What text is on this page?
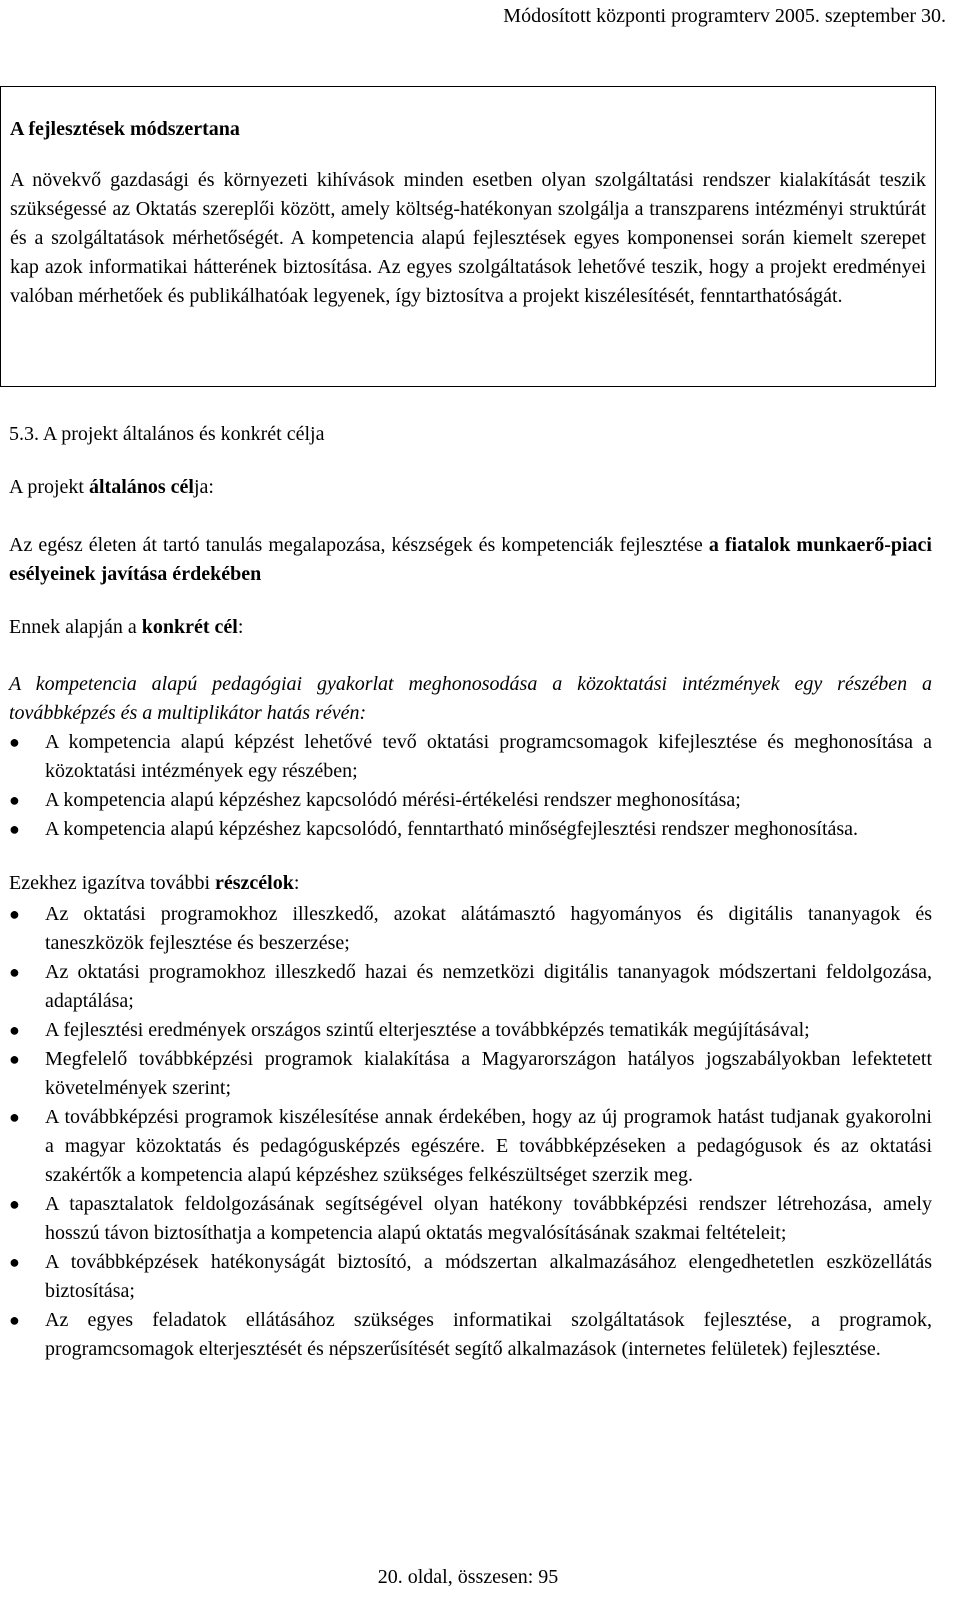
Módosított központi programterv 2005. szeptember 30.
A fejlesztések módszertana

A növekvő gazdasági és környezeti kihívások minden esetben olyan szolgáltatási rendszer kialakítását teszik szükségessé az Oktatás szereplői között, amely költség-hatékonyan szolgálja a transzparens intézményi struktúrát és a szolgáltatások mérhetőségét. A kompetencia alapú fejlesztések egyes komponensei során kiemelt szerepet kap azok informatikai hátterének biztosítása. Az egyes szolgáltatások lehetővé teszik, hogy a projekt eredményei valóban mérhetőek és publikálhatóak legyenek, így biztosítva a projekt kiszélesítését, fenntarthatóságát.

5.3. A projekt általános és konkrét célja

A projekt általános célja:

Az egész életen át tartó tanulás megalapozása, készségek és kompetenciák fejlesztése a fiatalok munkaerő-piaci esélyeinek javítása érdekében

Ennek alapján a konkrét cél:

A kompetencia alapú pedagógiai gyakorlat meghonosodása a közoktatási intézmények egy részében a továbbképzés és a multiplikátor hatás révén:

●	A kompetencia alapú képzést lehetővé tevő oktatási programcsomagok kifejlesztése és meghonosítása a közoktatási intézmények egy részében;
●	A kompetencia alapú képzéshez kapcsolódó mérési-értékelési rendszer meghonosítása;
●	A kompetencia alapú képzéshez kapcsolódó, fenntartható minőségfejlesztési rendszer meghonosítása.

Ezekhez igazítva további részcélok:

●	Az oktatási programokhoz illeszkedő, azokat alátámasztó hagyományos és digitális tananyagok és taneszközök fejlesztése és beszerzése;
●	Az oktatási programokhoz illeszkedő hazai és nemzetközi digitális tananyagok módszertani feldolgozása, adaptálása;
●	A fejlesztési eredmények országos szintű elterjesztése a továbbképzés tematikák megújításával;
●	Megfelelő továbbképzési programok kialakítása a Magyarországon hatályos jogszabályokban lefektetett követelmények szerint;
●	A továbbképzési programok kiszélesítése annak érdekében, hogy az új programok hatást tudjanak gyakorolni a magyar közoktatás és pedagógusképzés egészére. E továbbképzéseken a pedagógusok és az oktatási szakértők a kompetencia alapú képzéshez szükséges felkészültséget szerzik meg.
●	A tapasztalatok feldolgozásának segítségével olyan hatékony továbbképzési rendszer létrehozása, amely hosszú távon biztosíthatja a kompetencia alapú oktatás megvalósításának szakmai feltételeit;
●	A továbbképzések hatékonyságát biztosító, a módszertan alkalmazásához elengedhetetlen eszközellátás biztosítása;
●	Az egyes feladatok ellátásához szükséges informatikai szolgáltatások fejlesztése, a programok, programcsomagok elterjesztését és népszerűsítését segítő alkalmazások (internetes felületek) fejlesztése.
20. oldal, összesen: 95
